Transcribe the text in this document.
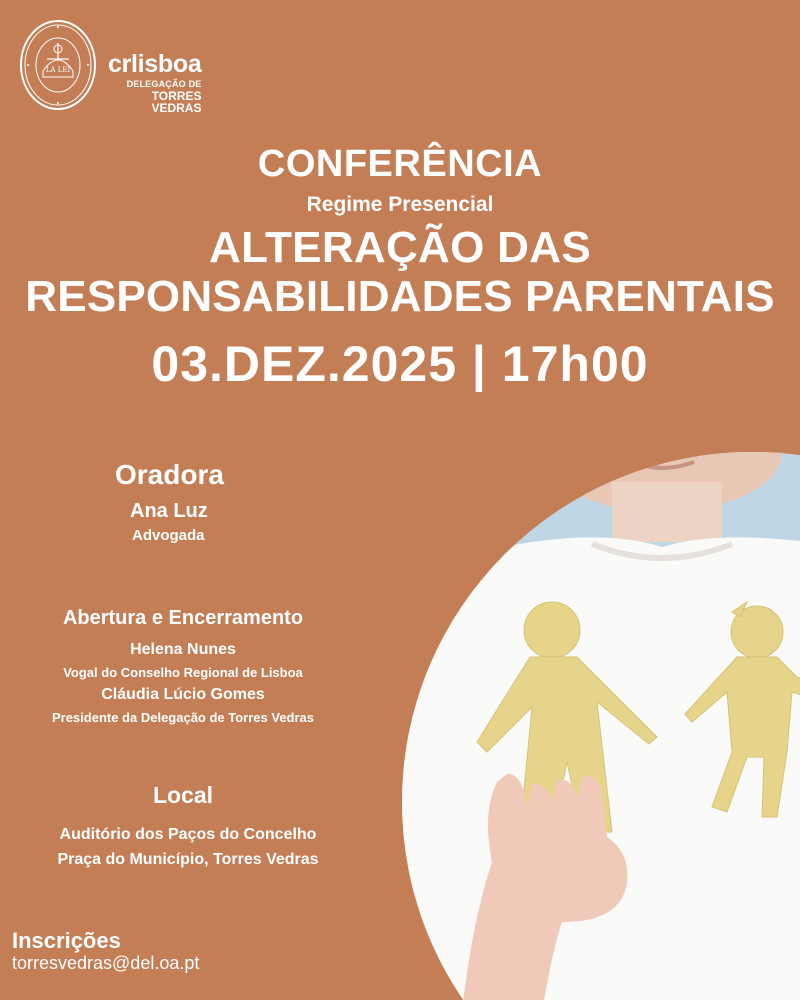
LA LEI crlisboa
DELEGAÇÃO DE
TORRES
VEDRAS
CONFERÊNCIA
Regime Presencial
ALTERAÇÃO DAS
RESPONSABILIDADES PARENTAIS
03.DEZ.2025 | 17h00
Oradora
Ana Luz
Advogada
Abertura e Encerramento
Helena Nunes
Vogal do Conselho Regional de Lisboa
Cláudia Lúcio Gomes
Presidente da Delegação de Torres Vedras
Local
Auditório dos Paços do Concelho
Praça do Município, Torres Vedras
Inscrições
torresvedras@del.oa.pt
